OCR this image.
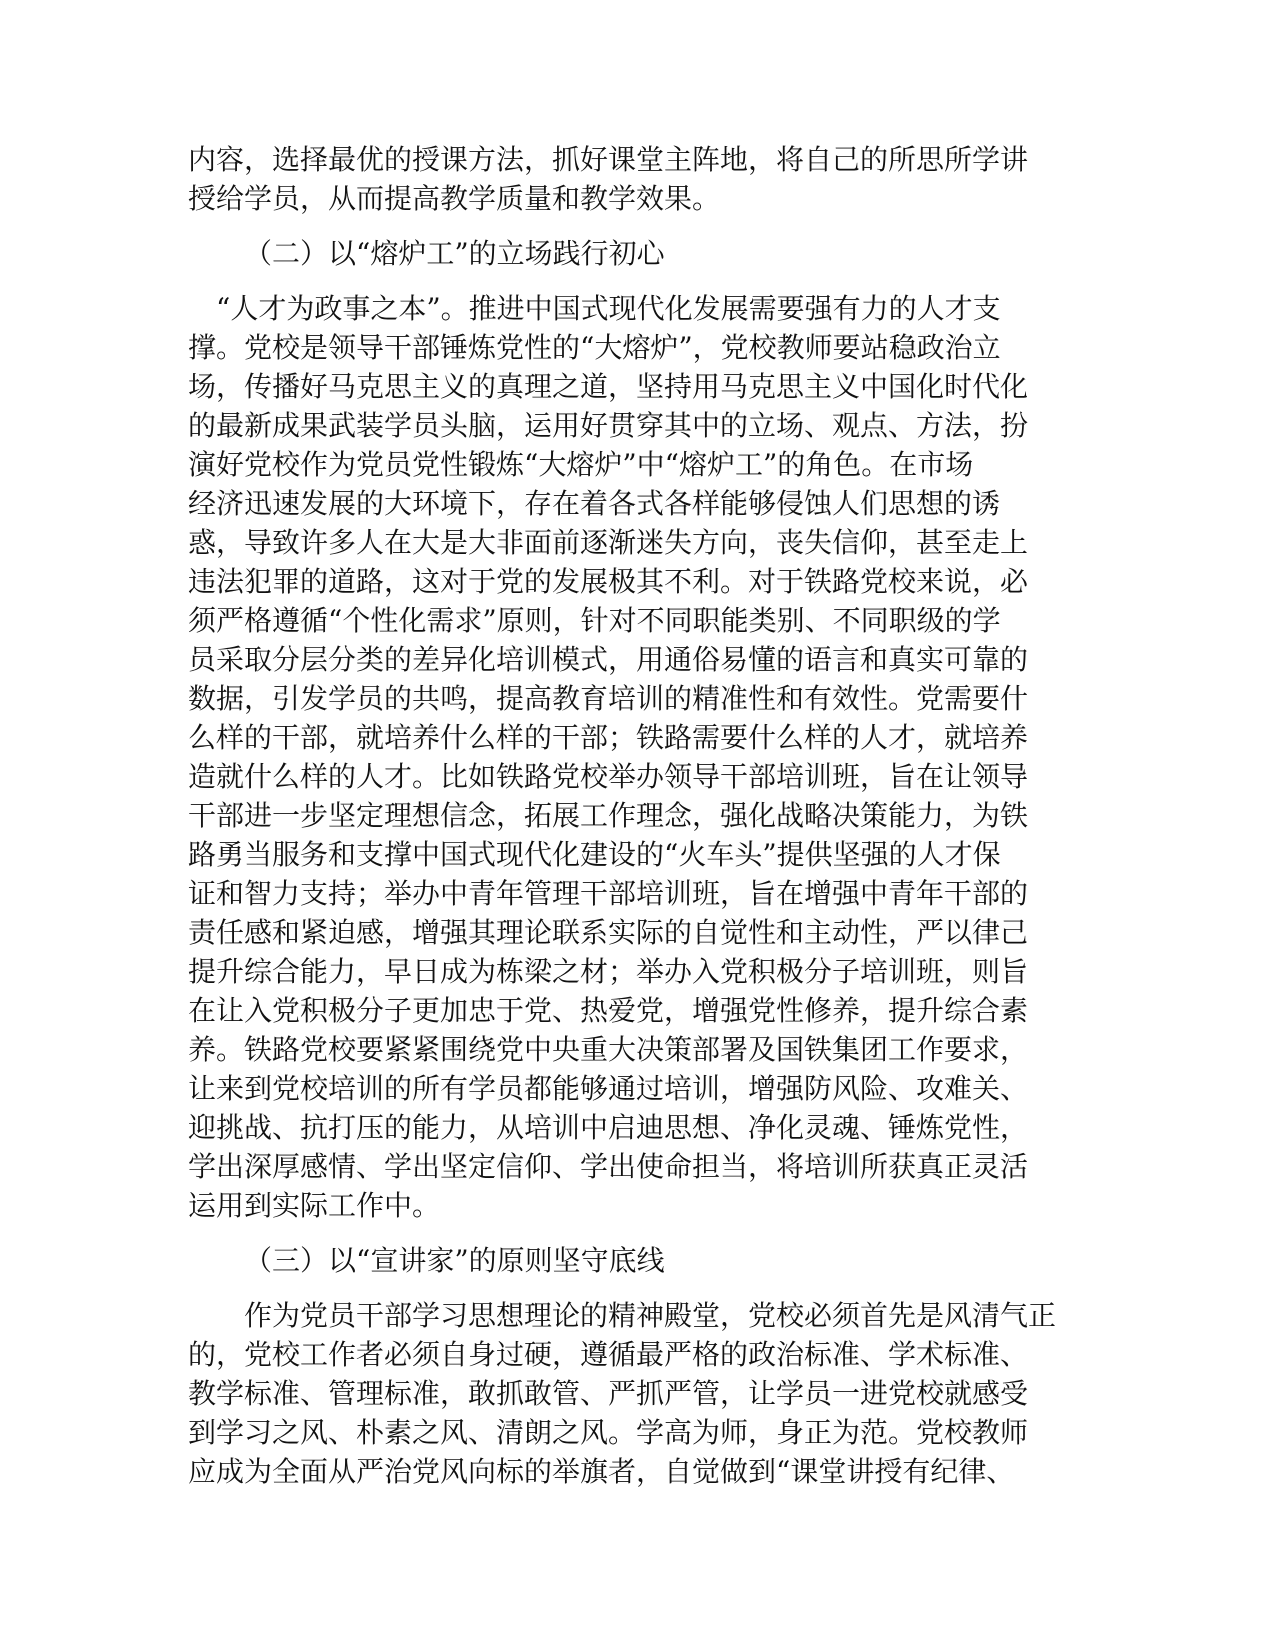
内容，选择最优的授课方法，抓好课堂主阵地，将自己的所思所学讲
授给学员，从而提高教学质量和教学效果。

（二）以“熔炉工”的立场践行初心

“人才为政事之本”。推进中国式现代化发展需要强有力的人才支
撑。党校是领导干部锤炼党性的“大熔炉”，党校教师要站稳政治立
场，传播好马克思主义的真理之道，坚持用马克思主义中国化时代化
的最新成果武装学员头脑，运用好贯穿其中的立场、观点、方法，扮
演好党校作为党员党性锻炼“大熔炉”中“熔炉工”的角色。在市场
经济迅速发展的大环境下，存在着各式各样能够侵蚀人们思想的诱
惑，导致许多人在大是大非面前逐渐迷失方向，丧失信仰，甚至走上
违法犯罪的道路，这对于党的发展极其不利。对于铁路党校来说，必
须严格遵循“个性化需求”原则，针对不同职能类别、不同职级的学
员采取分层分类的差异化培训模式，用通俗易懂的语言和真实可靠的
数据，引发学员的共鸣，提高教育培训的精准性和有效性。党需要什
么样的干部，就培养什么样的干部；铁路需要什么样的人才，就培养
造就什么样的人才。比如铁路党校举办领导干部培训班，旨在让领导
干部进一步坚定理想信念，拓展工作理念，强化战略决策能力，为铁
路勇当服务和支撑中国式现代化建设的“火车头”提供坚强的人才保
证和智力支持；举办中青年管理干部培训班，旨在增强中青年干部的
责任感和紧迫感，增强其理论联系实际的自觉性和主动性，严以律己
提升综合能力，早日成为栋梁之材；举办入党积极分子培训班，则旨
在让入党积极分子更加忠于党、热爱党，增强党性修养，提升综合素
养。铁路党校要紧紧围绕党中央重大决策部署及国铁集团工作要求，
让来到党校培训的所有学员都能够通过培训，增强防风险、攻难关、
迎挑战、抗打压的能力，从培训中启迪思想、净化灵魂、锤炼党性，
学出深厚感情、学出坚定信仰、学出使命担当，将培训所获真正灵活
运用到实际工作中。

（三）以“宣讲家”的原则坚守底线

　　作为党员干部学习思想理论的精神殿堂，党校必须首先是风清气正
的，党校工作者必须自身过硬，遵循最严格的政治标准、学术标准、
教学标准、管理标准，敢抓敢管、严抓严管，让学员一进党校就感受
到学习之风、朴素之风、清朗之风。学高为师，身正为范。党校教师
应成为全面从严治党风向标的举旗者，自觉做到“课堂讲授有纪律、
